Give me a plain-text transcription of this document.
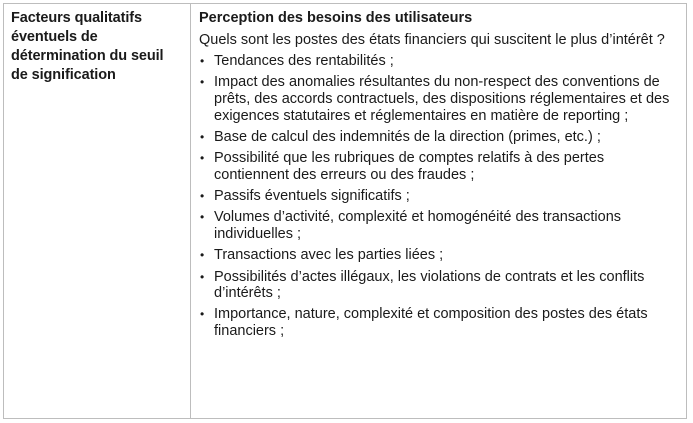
Facteurs qualitatifs éventuels de détermination du seuil de signification
Perception des besoins des utilisateurs
Quels sont les postes des états financiers qui suscitent le plus d’intérêt ?
• Tendances des rentabilités ;
• Impact des anomalies résultantes du non-respect des conventions de prêts, des accords contractuels, des dispositions réglementaires et des exigences statutaires et réglementaires en matière de reporting ;
• Base de calcul des indemnités de la direction (primes, etc.) ;
• Possibilité que les rubriques de comptes relatifs à des pertes contiennent des erreurs ou des fraudes ;
• Passifs éventuels significatifs ;
• Volumes d’activité, complexité et homogénéité des transactions individuelles ;
• Transactions avec les parties liées ;
• Possibilités d’actes illégaux, les violations de contrats et les conflits d’intérêts ;
• Importance, nature, complexité et composition des postes des états financiers ;
